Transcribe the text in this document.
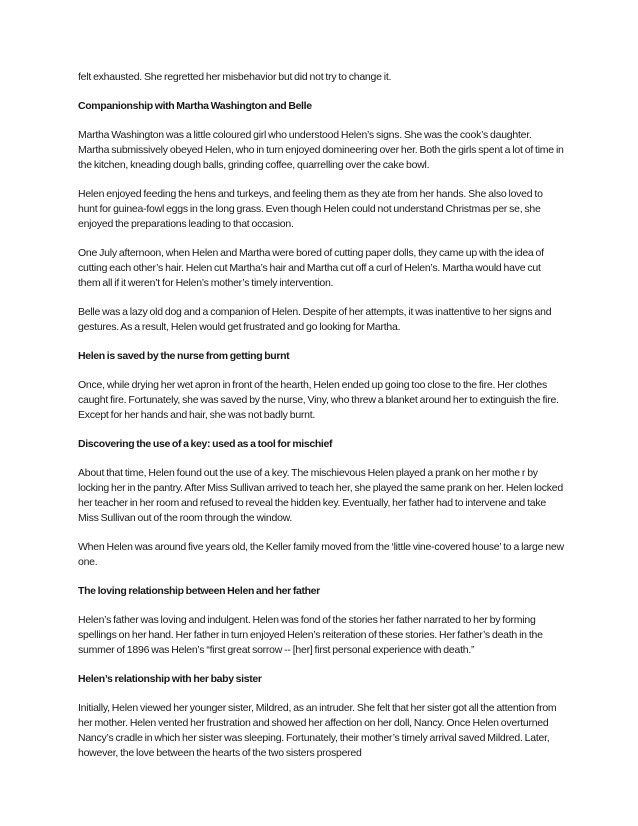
felt exhausted. She regretted her misbehavior but did not try to change it.

Companionship with Martha Washington and Belle

Martha Washington was a little coloured girl who understood Helen’s signs. She was the cook’s daughter. Martha submissively obeyed Helen, who in turn enjoyed domineering over her. Both the girls spent a lot of time in the kitchen, kneading dough balls, grinding coffee, quarrelling over the cake bowl.

Helen enjoyed feeding the hens and turkeys, and feeling them as they ate from her hands. She also loved to hunt for guinea-fowl eggs in the long grass. Even though Helen could not understand Christmas per se, she enjoyed the preparations leading to that occasion.

One July afternoon, when Helen and Martha were bored of cutting paper dolls, they came up with the idea of cutting each other’s hair. Helen cut Martha’s hair and Martha cut off a curl of Helen’s. Martha would have cut them all if it weren’t for Helen’s mother’s timely intervention.

Belle was a lazy old dog and a companion of Helen. Despite of her attempts, it was inattentive to her signs and gestures. As a result, Helen would get frustrated and go looking for Martha.

Helen is saved by the nurse from getting burnt

Once, while drying her wet apron in front of the hearth, Helen ended up going too close to the fire. Her clothes caught fire. Fortunately, she was saved by the nurse, Viny, who threw a blanket around her to extinguish the fire. Except for her hands and hair, she was not badly burnt.

Discovering the use of a key: used as a tool for mischief

About that time, Helen found out the use of a key. The mischievous Helen played a prank on her mothe r by locking her in the pantry. After Miss Sullivan arrived to teach her, she played the same prank on her. Helen locked her teacher in her room and refused to reveal the hidden key. Eventually, her father had to intervene and take Miss Sullivan out of the room through the window.

When Helen was around five years old, the Keller family moved from the ‘little vine-covered house’ to a large new one.

The loving relationship between Helen and her father

Helen’s father was loving and indulgent. Helen was fond of the stories her father narrated to her by forming spellings on her hand. Her father in turn enjoyed Helen’s reiteration of these stories. Her father’s death in the summer of 1896 was Helen’s “first great sorrow -- [her] first personal experience with death.”

Helen’s relationship with her baby sister

Initially, Helen viewed her younger sister, Mildred, as an intruder. She felt that her sister got all the attention from her mother. Helen vented her frustration and showed her affection on her doll, Nancy. Once Helen overturned Nancy’s cradle in which her sister was sleeping. Fortunately, their mother’s timely arrival saved Mildred. Later, however, the love between the hearts of the two sisters prospered
